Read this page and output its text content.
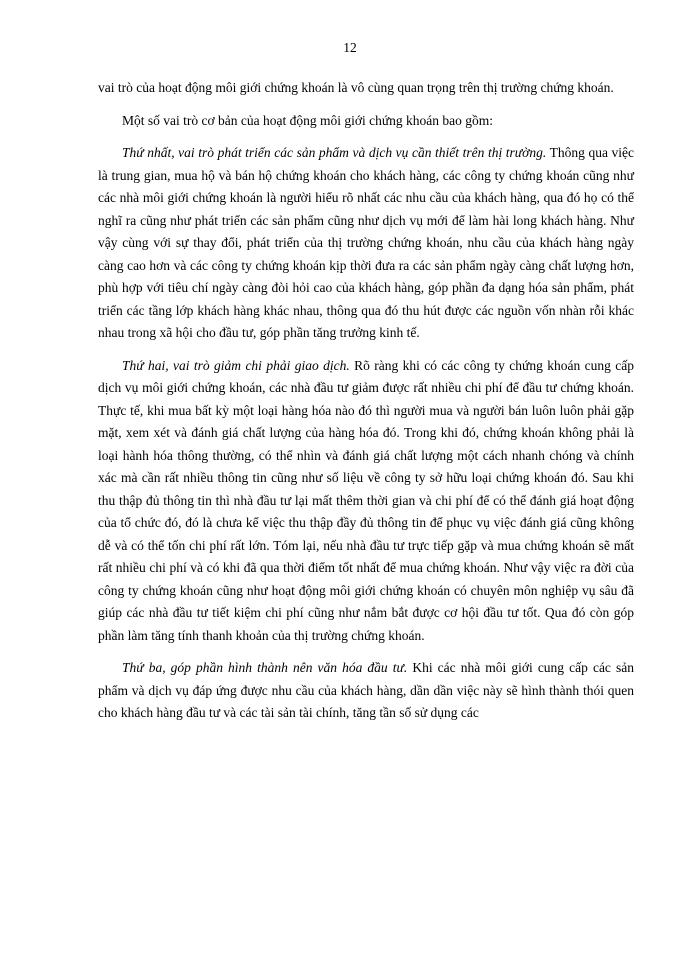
12

vai trò của hoạt động môi giới chứng khoán là vô cùng quan trọng trên thị trường chứng khoán.

Một số vai trò cơ bản của hoạt động môi giới chứng khoán bao gồm:

Thứ nhất, vai trò phát triển các sản phẩm và dịch vụ cần thiết trên thị trường. Thông qua việc là trung gian, mua hộ và bán hộ chứng khoán cho khách hàng, các công ty chứng khoán cũng như các nhà môi giới chứng khoán là người hiểu rõ nhất các nhu cầu của khách hàng, qua đó họ có thể nghĩ ra cũng như phát triển các sản phẩm cũng như dịch vụ mới để làm hài long khách hàng. Như vậy cùng với sự thay đổi, phát triển của thị trường chứng khoán, nhu cầu của khách hàng ngày càng cao hơn và các công ty chứng khoán kịp thời đưa ra các sản phẩm ngày càng chất lượng hơn, phù hợp với tiêu chí ngày càng đòi hỏi cao của khách hàng, góp phần đa dạng hóa sản phẩm, phát triển các tầng lớp khách hàng khác nhau, thông qua đó thu hút được các nguồn vốn nhàn rỗi khác nhau trong xã hội cho đầu tư, góp phần tăng trưởng kinh tế.

Thứ hai, vai trò giảm chi phải giao dịch. Rõ ràng khi có các công ty chứng khoán cung cấp dịch vụ môi giới chứng khoán, các nhà đầu tư giảm được rất nhiều chi phí để đầu tư chứng khoán. Thực tế, khi mua bất kỳ một loại hàng hóa nào đó thì người mua và người bán luôn luôn phải gặp mặt, xem xét và đánh giá chất lượng của hàng hóa đó. Trong khi đó, chứng khoán không phải là loại hành hóa thông thường, có thể nhìn và đánh giá chất lượng một cách nhanh chóng và chính xác mà cần rất nhiều thông tin cũng như số liệu về công ty sở hữu loại chứng khoán đó. Sau khi thu thập đủ thông tin thì nhà đầu tư lại mất thêm thời gian và chi phí để có thể đánh giá hoạt động của tổ chức đó, đó là chưa kể việc thu thập đầy đủ thông tin để phục vụ việc đánh giá cũng không dễ và có thể tốn chi phí rất lớn. Tóm lại, nếu nhà đầu tư trực tiếp gặp và mua chứng khoán sẽ mất rất nhiều chi phí và có khi đã qua thời điểm tốt nhất để mua chứng khoán. Như vậy việc ra đời của công ty chứng khoán cũng như hoạt động môi giới chứng khoán có chuyên môn nghiệp vụ sâu đã giúp các nhà đầu tư tiết kiệm chi phí cũng như nắm bắt được cơ hội đầu tư tốt. Qua đó còn góp phần làm tăng tính thanh khoản của thị trường chứng khoán.

Thứ ba, góp phần hình thành nên văn hóa đầu tư. Khi các nhà môi giới cung cấp các sản phẩm và dịch vụ đáp ứng được nhu cầu của khách hàng, dần dần việc này sẽ hình thành thói quen cho khách hàng đầu tư và các tài sản tài chính, tăng tần số sử dụng các
